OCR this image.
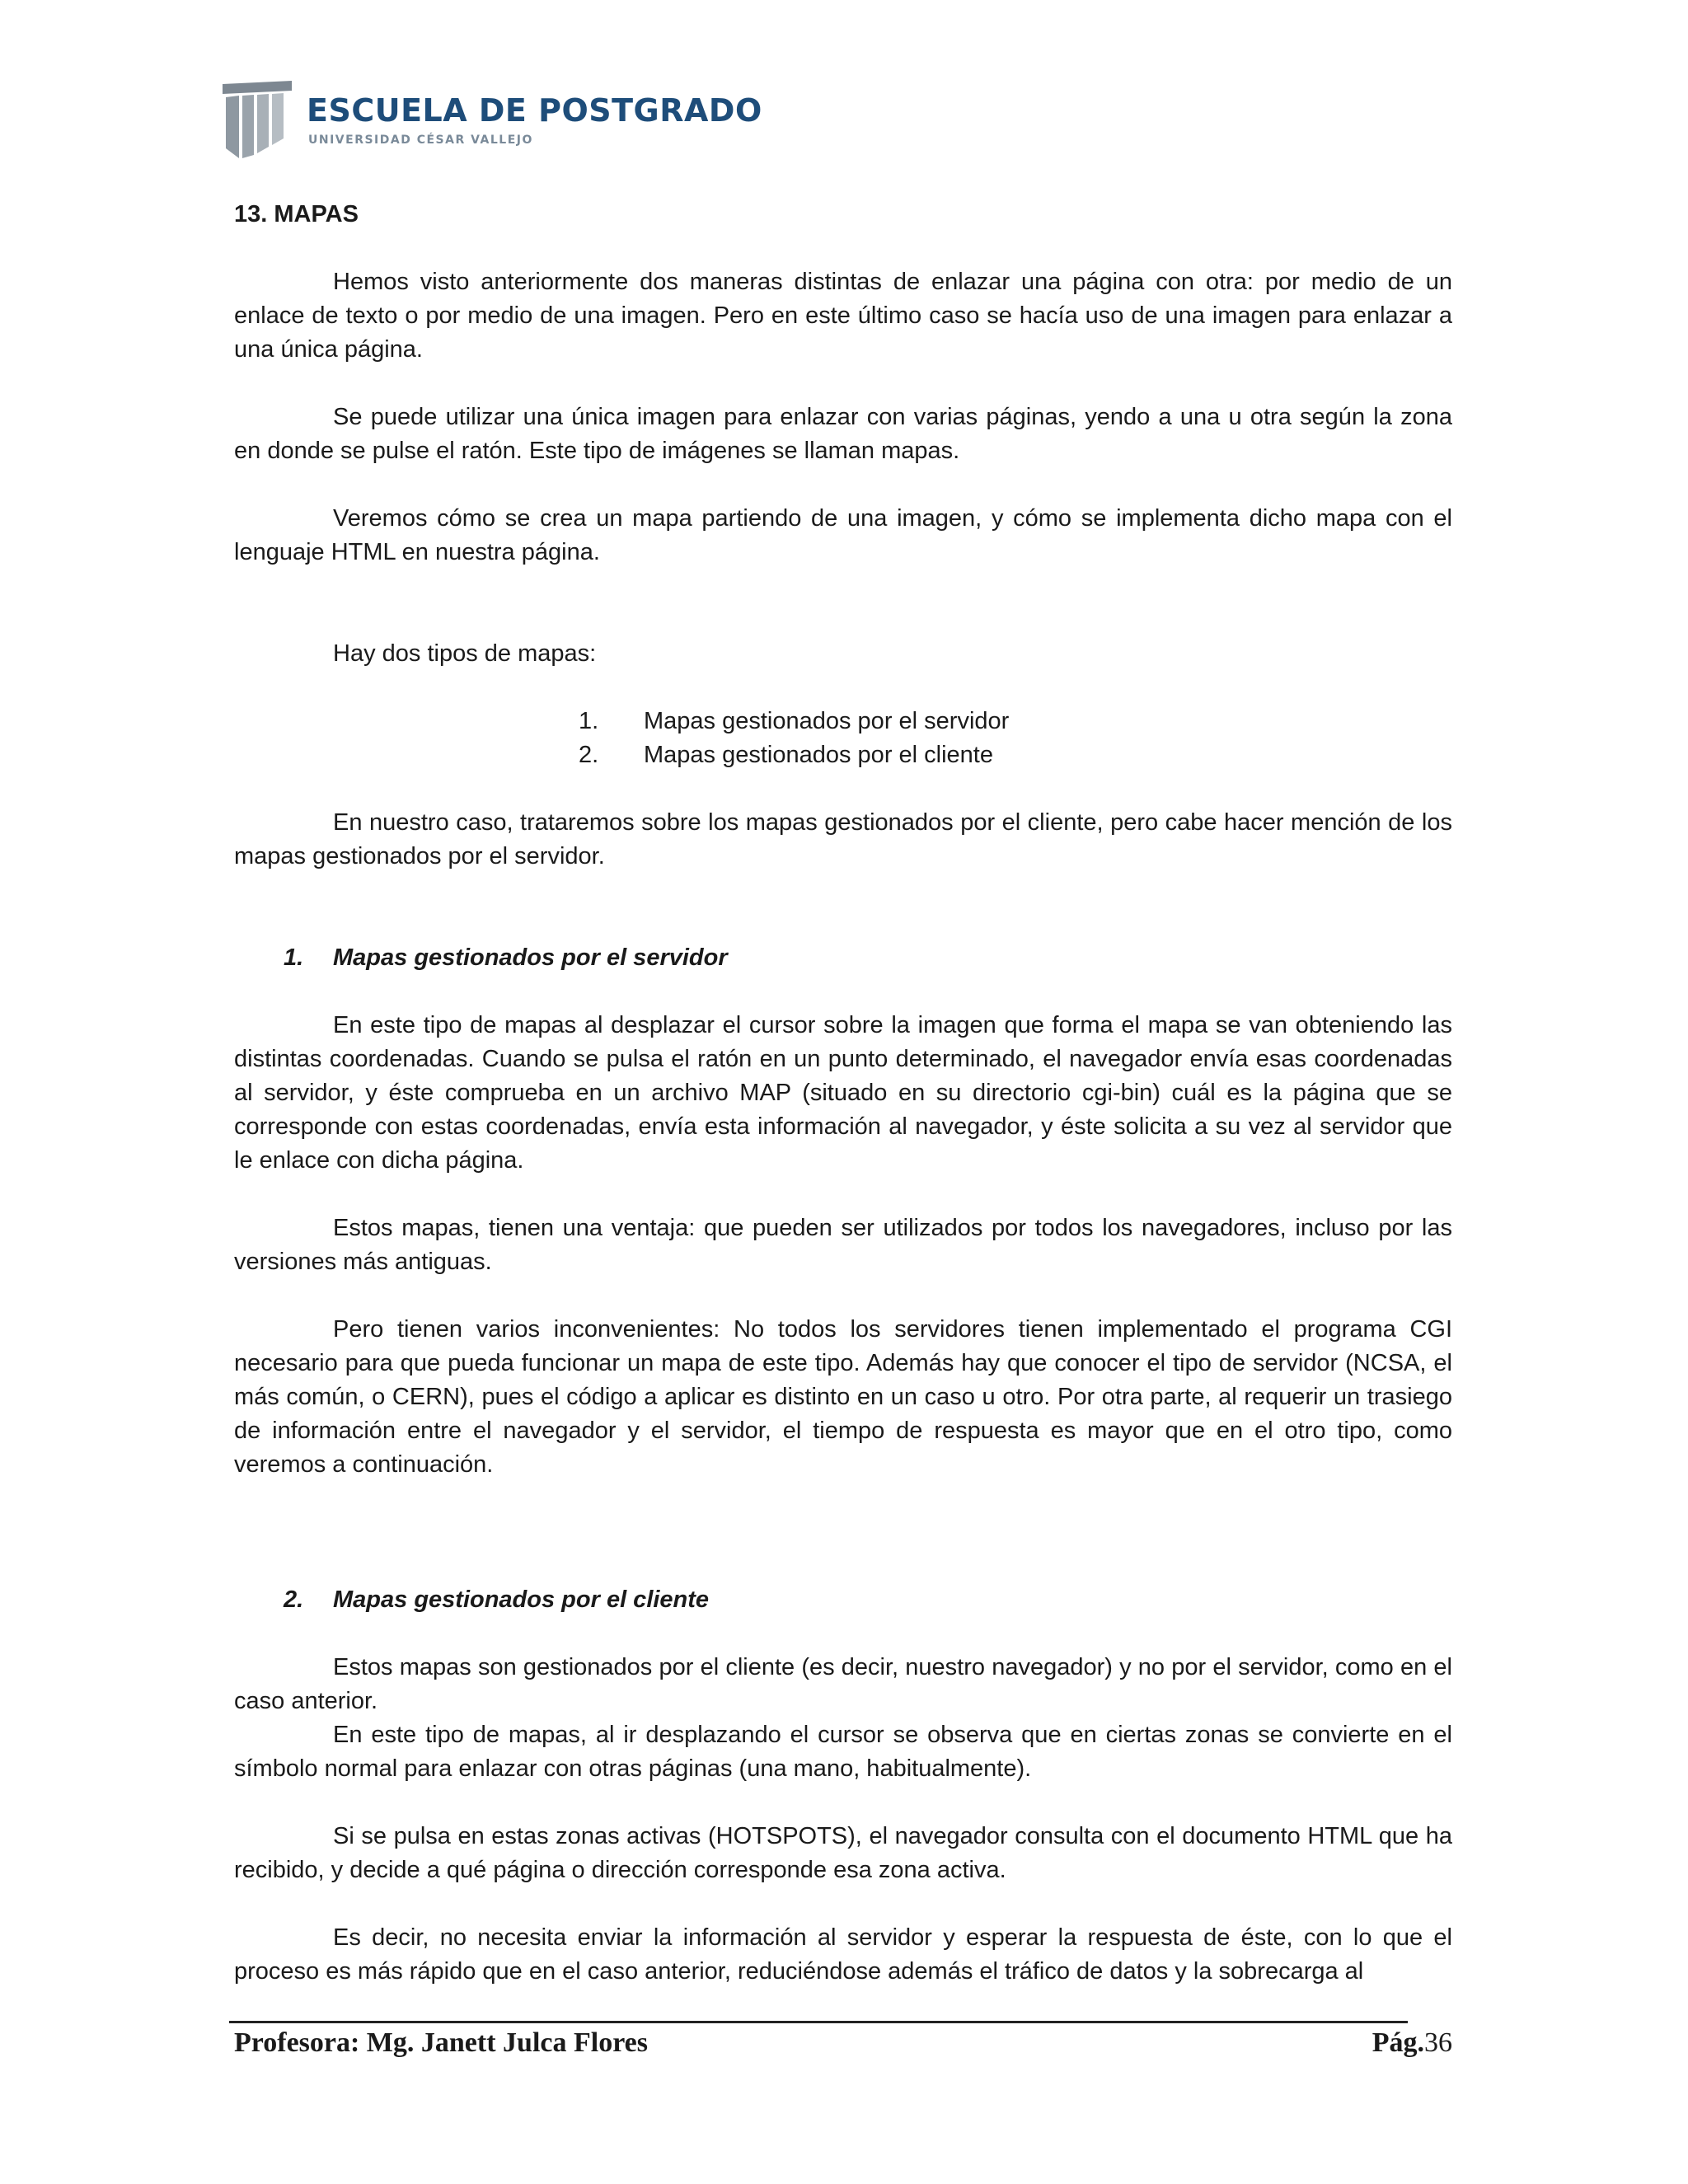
ESCUELA DE POSTGRADO
UNIVERSIDAD CÉSAR VALLEJO
13. MAPAS

Hemos visto anteriormente dos maneras distintas de enlazar una página con otra: por medio de un enlace de texto o por medio de una imagen. Pero en este último caso se hacía uso de una imagen para enlazar a una única página.

Se puede utilizar una única imagen para enlazar con varias páginas, yendo a una u otra según la zona en donde se pulse el ratón. Este tipo de imágenes se llaman mapas.

Veremos cómo se crea un mapa partiendo de una imagen, y cómo se implementa dicho mapa con el lenguaje HTML en nuestra página.

Hay dos tipos de mapas:

1. Mapas gestionados por el servidor
2. Mapas gestionados por el cliente

En nuestro caso, trataremos sobre los mapas gestionados por el cliente, pero cabe hacer mención de los mapas gestionados por el servidor.

1. Mapas gestionados por el servidor

En este tipo de mapas al desplazar el cursor sobre la imagen que forma el mapa se van obteniendo las distintas coordenadas. Cuando se pulsa el ratón en un punto determinado, el navegador envía esas coordenadas al servidor, y éste comprueba en un archivo MAP (situado en su directorio cgi-bin) cuál es la página que se corresponde con estas coordenadas, envía esta información al navegador, y éste solicita a su vez al servidor que le enlace con dicha página.

Estos mapas, tienen una ventaja: que pueden ser utilizados por todos los navegadores, incluso por las versiones más antiguas.

Pero tienen varios inconvenientes: No todos los servidores tienen implementado el programa CGI necesario para que pueda funcionar un mapa de este tipo. Además hay que conocer el tipo de servidor (NCSA, el más común, o CERN), pues el código a aplicar es distinto en un caso u otro. Por otra parte, al requerir un trasiego de información entre el navegador y el servidor, el tiempo de respuesta es mayor que en el otro tipo, como veremos a continuación.

2. Mapas gestionados por el cliente

Estos mapas son gestionados por el cliente (es decir, nuestro navegador) y no por el servidor, como en el caso anterior.

En este tipo de mapas, al ir desplazando el cursor se observa que en ciertas zonas se convierte en el símbolo normal para enlazar con otras páginas (una mano, habitualmente).

Si se pulsa en estas zonas activas (HOTSPOTS), el navegador consulta con el documento HTML que ha recibido, y decide a qué página o dirección corresponde esa zona activa.

Es decir, no necesita enviar la información al servidor y esperar la respuesta de éste, con lo que el proceso es más rápido que en el caso anterior, reduciéndose además el tráfico de datos y la sobrecarga al

Profesora: Mg. Janett Julca Flores	Pág.36
